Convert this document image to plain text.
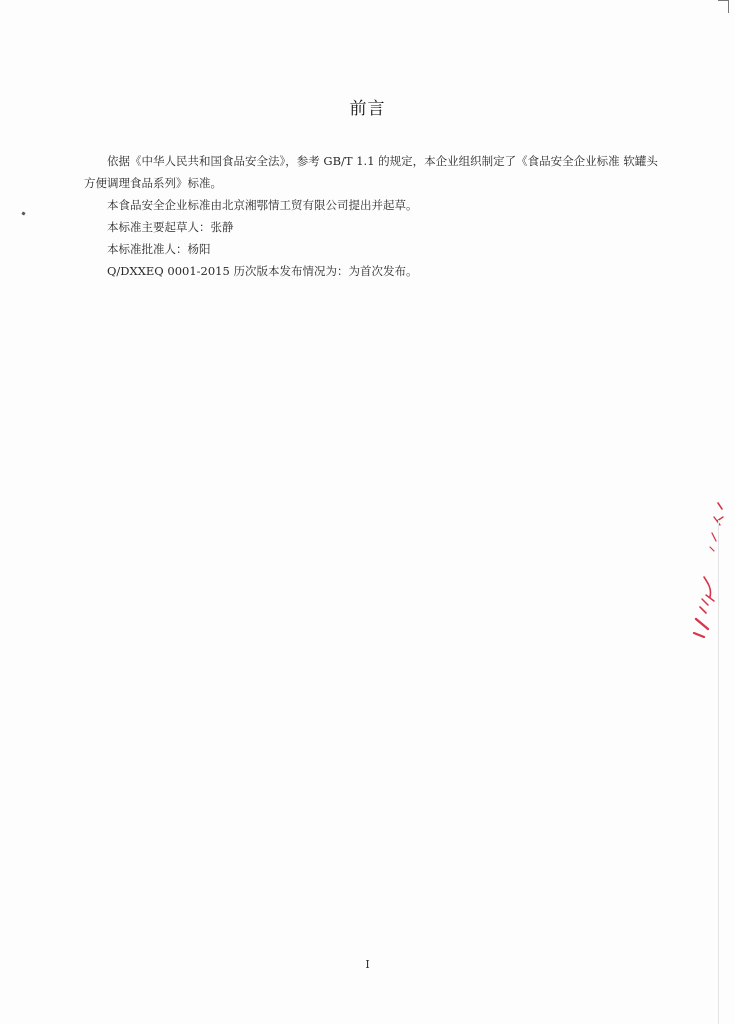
前言

依据《中华人民共和国食品安全法》，参考 GB/T 1.1 的规定，本企业组织制定了《食品安全企业标准 软罐头方便调理食品系列》标准。

本食品安全企业标准由北京湘鄂情工贸有限公司提出并起草。

本标准主要起草人：张静

本标准批准人：杨阳

Q/DXXEQ 0001-2015 历次版本发布情况为：为首次发布。

I
